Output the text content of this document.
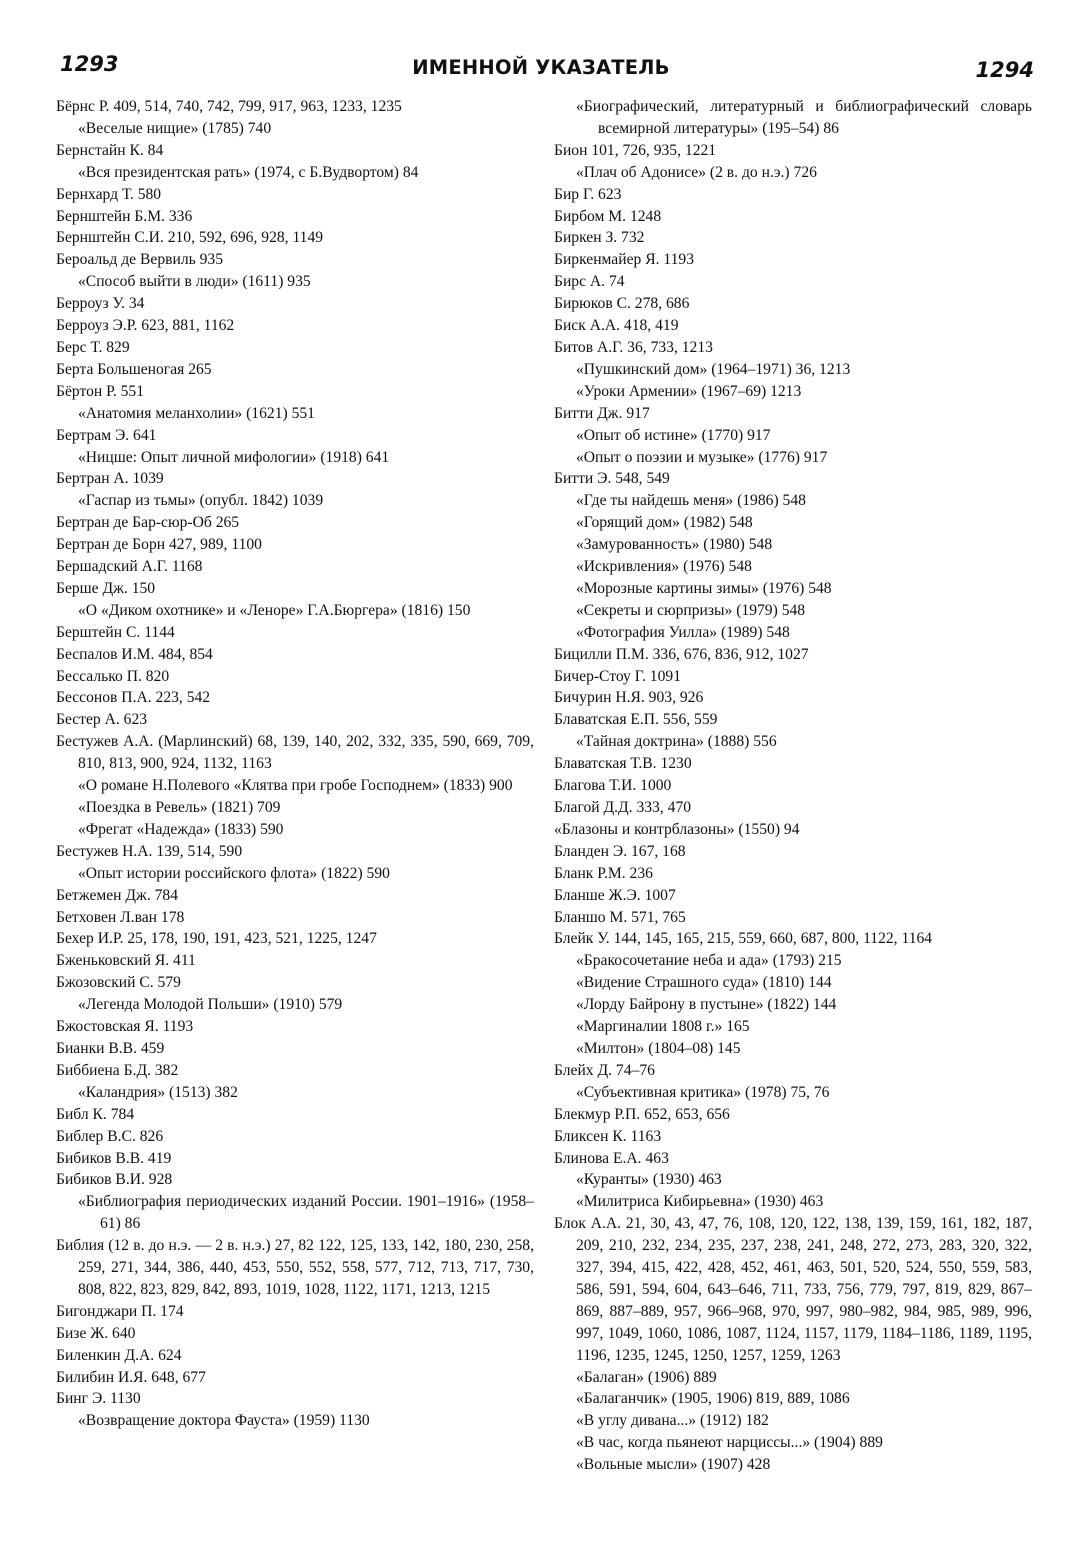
1293	ИМЕННОЙ УКАЗАТЕЛЬ	1294
Бёрнс Р. 409, 514, 740, 742, 799, 917, 963, 1233, 1235
«Веселые нищие» (1785) 740
Бернстайн К. 84
«Вся президентская рать» (1974, с Б.Вудвортом) 84
Бернхард Т. 580
Бернштейн Б.М. 336
Бернштейн С.И. 210, 592, 696, 928, 1149
Бероальд де Вервиль 935
«Способ выйти в люди» (1611) 935
Берроуз У. 34
Берроуз Э.Р. 623, 881, 1162
Берс Т. 829
Берта Большеногая 265
Бёртон Р. 551
«Анатомия меланхолии» (1621) 551
Бертрам Э. 641
«Ницше: Опыт личной мифологии» (1918) 641
Бертран А. 1039
«Гаспар из тьмы» (опубл. 1842) 1039
Бертран де Бар-сюр-Об 265
Бертран де Борн 427, 989, 1100
Бершадский А.Г. 1168
Берше Дж. 150
«О «Диком охотнике» и «Леноре» Г.А.Бюргера» (1816) 150
Берштейн С. 1144
Беспалов И.М. 484, 854
Бессалько П. 820
Бессонов П.А. 223, 542
Бестер А. 623
Бестужев А.А. (Марлинский) 68, 139, 140, 202, 332, 335, 590, 669, 709, 810, 813, 900, 924, 1132, 1163
«О романе Н.Полевого «Клятва при гробе Господнем» (1833) 900
«Поездка в Ревель» (1821) 709
«Фрегат «Надежда» (1833) 590
Бестужев Н.А. 139, 514, 590
«Опыт истории российского флота» (1822) 590
Бетжемен Дж. 784
Бетховен Л.ван 178
Бехер И.Р. 25, 178, 190, 191, 423, 521, 1225, 1247
Бженьковский Я. 411
Бжозовский С. 579
«Легенда Молодой Польши» (1910) 579
Бжостовская Я. 1193
Бианки В.В. 459
Биббиена Б.Д. 382
«Каландрия» (1513) 382
Библ К. 784
Библер В.С. 826
Бибиков В.В. 419
Бибиков В.И. 928
«Библиография периодических изданий России. 1901–1916» (1958–61) 86
Библия (12 в. до н.э. — 2 в. н.э.) 27, 82 122, 125, 133, 142, 180, 230, 258, 259, 271, 344, 386, 440, 453, 550, 552, 558, 577, 712, 713, 717, 730, 808, 822, 823, 829, 842, 893, 1019, 1028, 1122, 1171, 1213, 1215
Бигонджари П. 174
Бизе Ж. 640
Биленкин Д.А. 624
Билибин И.Я. 648, 677
Бинг Э. 1130
«Возвращение доктора Фауста» (1959) 1130
«Биографический, литературный и библиографический словарь всемирной литературы» (195–54) 86
Бион 101, 726, 935, 1221
«Плач об Адонисе» (2 в. до н.э.) 726
Бир Г. 623
Бирбом М. 1248
Биркен З. 732
Биркенмайер Я. 1193
Бирс А. 74
Бирюков С. 278, 686
Биск А.А. 418, 419
Битов А.Г. 36, 733, 1213
«Пушкинский дом» (1964–1971) 36, 1213
«Уроки Армении» (1967–69) 1213
Битти Дж. 917
«Опыт об истине» (1770) 917
«Опыт о поэзии и музыке» (1776) 917
Битти Э. 548, 549
«Где ты найдешь меня» (1986) 548
«Горящий дом» (1982) 548
«Замурованность» (1980) 548
«Искривления» (1976) 548
«Морозные картины зимы» (1976) 548
«Секреты и сюрпризы» (1979) 548
«Фотография Уилла» (1989) 548
Бицилли П.М. 336, 676, 836, 912, 1027
Бичер-Стоу Г. 1091
Бичурин Н.Я. 903, 926
Блаватская Е.П. 556, 559
«Тайная доктрина» (1888) 556
Блаватская Т.В. 1230
Благова Т.И. 1000
Благой Д.Д. 333, 470
«Блазоны и контрблазоны» (1550) 94
Бланден Э. 167, 168
Бланк Р.М. 236
Бланше Ж.Э. 1007
Бланшо М. 571, 765
Блейк У. 144, 145, 165, 215, 559, 660, 687, 800, 1122, 1164
«Бракосочетание неба и ада» (1793) 215
«Видение Страшного суда» (1810) 144
«Лорду Байрону в пустыне» (1822) 144
«Маргиналии 1808 г.» 165
«Милтон» (1804–08) 145
Блейх Д. 74–76
«Субъективная критика» (1978) 75, 76
Блекмур Р.П. 652, 653, 656
Бликсен К. 1163
Блинова Е.А. 463
«Куранты» (1930) 463
«Милитриса Кибирьевна» (1930) 463
Блок А.А. 21, 30, 43, 47, 76, 108, 120, 122, 138, 139, 159, 161, 182, 187, 209, 210, 232, 234, 235, 237, 238, 241, 248, 272, 273, 283, 320, 322, 327, 394, 415, 422, 428, 452, 461, 463, 501, 520, 524, 550, 559, 583, 586, 591, 594, 604, 643–646, 711, 733, 756, 779, 797, 819, 829, 867–869, 887–889, 957, 966–968, 970, 997, 980–982, 984, 985, 989, 996, 997, 1049, 1060, 1086, 1087, 1124, 1157, 1179, 1184–1186, 1189, 1195, 1196, 1235, 1245, 1250, 1257, 1259, 1263
«Балаган» (1906) 889
«Балаганчик» (1905, 1906) 819, 889, 1086
«В углу дивана...» (1912) 182
«В час, когда пьянеют нарциссы...» (1904) 889
«Вольные мысли» (1907) 428
